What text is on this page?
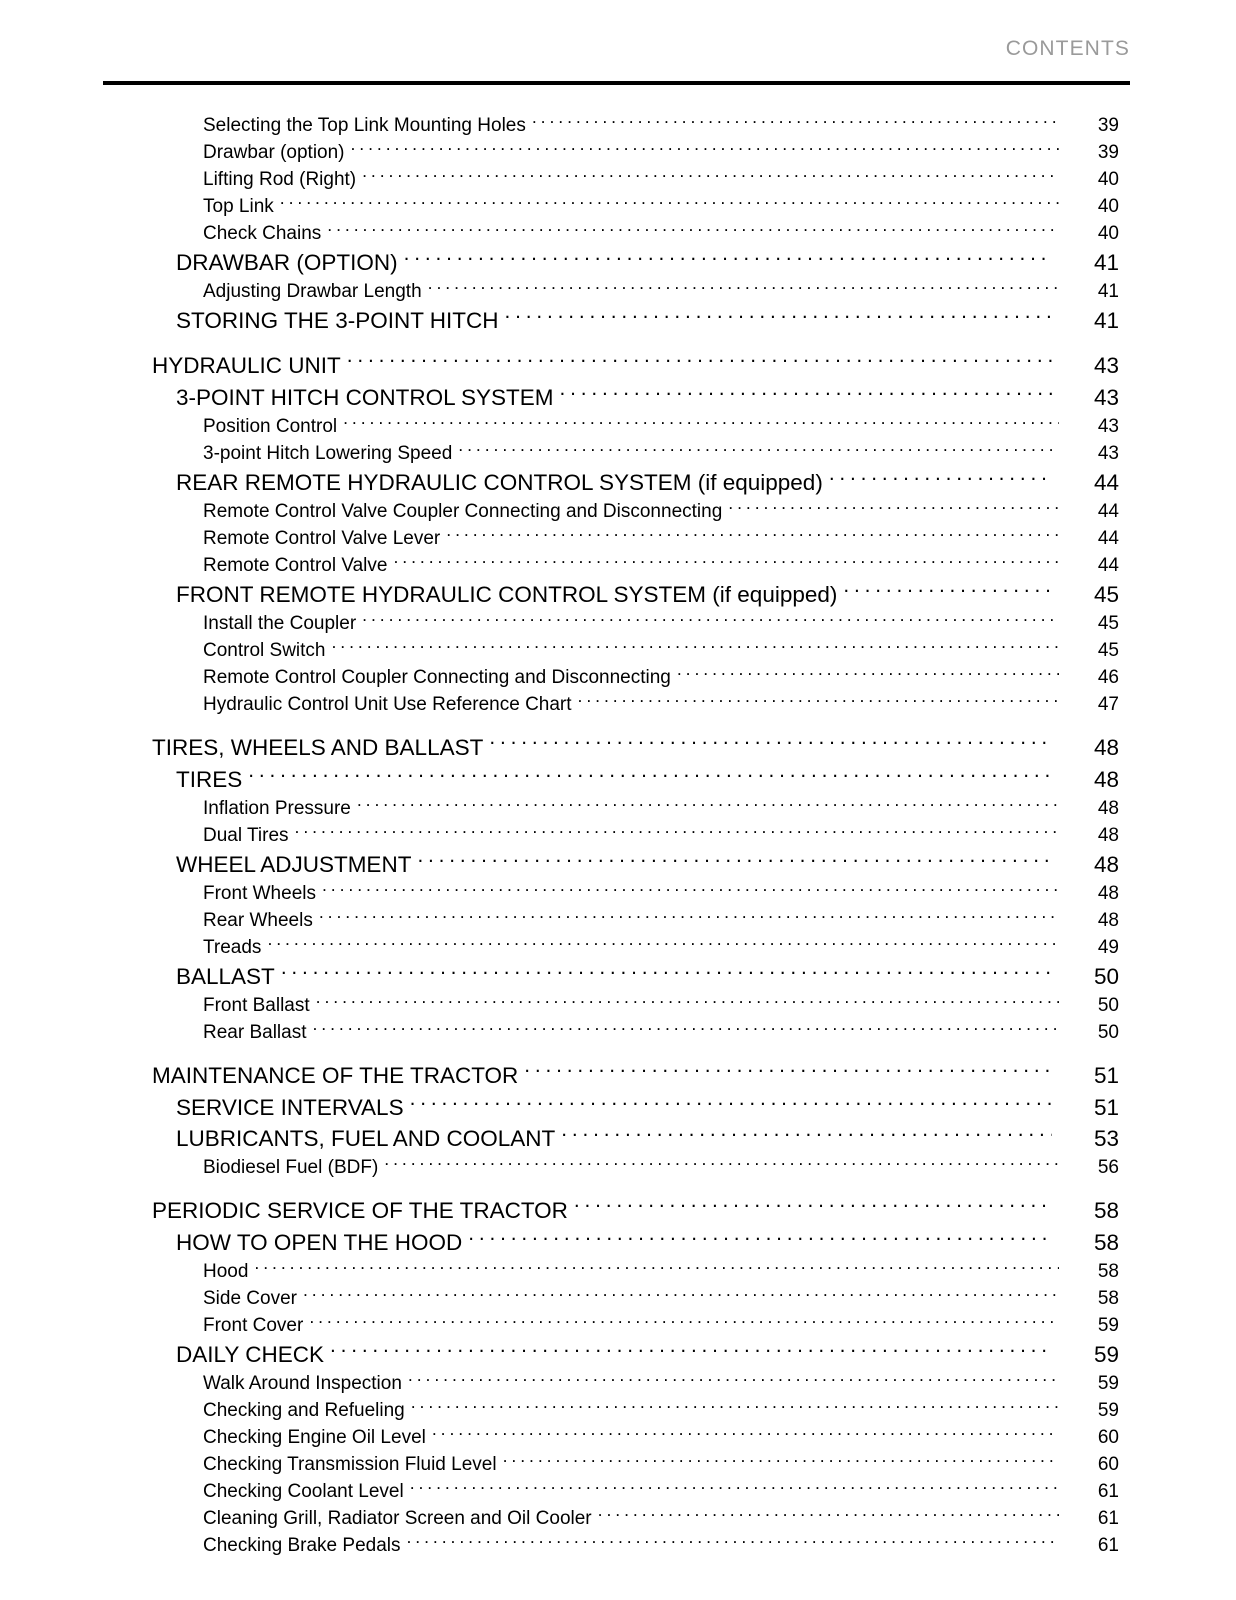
CONTENTS
Selecting the Top Link Mounting Holes . . .	39
Drawbar (option) . . .	39
Lifting Rod (Right) . . .	40
Top Link . . .	40
Check Chains . . .	40
DRAWBAR (OPTION) . . .	41
Adjusting Drawbar Length . . .	41
STORING THE 3-POINT HITCH . . .	41
HYDRAULIC UNIT . . .	43
3-POINT HITCH CONTROL SYSTEM . . .	43
Position Control . . .	43
3-point Hitch Lowering Speed . . .	43
REAR REMOTE HYDRAULIC CONTROL SYSTEM (if equipped) . . .	44
Remote Control Valve Coupler Connecting and Disconnecting . . .	44
Remote Control Valve Lever . . .	44
Remote Control Valve . . .	44
FRONT REMOTE HYDRAULIC CONTROL SYSTEM (if equipped) . . .	45
Install the Coupler . . .	45
Control Switch . . .	45
Remote Control Coupler Connecting and Disconnecting . . .	46
Hydraulic Control Unit Use Reference Chart . . .	47
TIRES, WHEELS AND BALLAST . . .	48
TIRES . . .	48
Inflation Pressure . . .	48
Dual Tires . . .	48
WHEEL ADJUSTMENT . . .	48
Front Wheels . . .	48
Rear Wheels . . .	48
Treads . . .	49
BALLAST . . .	50
Front Ballast . . .	50
Rear Ballast . . .	50
MAINTENANCE OF THE TRACTOR . . .	51
SERVICE INTERVALS . . .	51
LUBRICANTS, FUEL AND COOLANT . . .	53
Biodiesel Fuel (BDF) . . .	56
PERIODIC SERVICE OF THE TRACTOR . . .	58
HOW TO OPEN THE HOOD . . .	58
Hood . . .	58
Side Cover . . .	58
Front Cover . . .	59
DAILY CHECK . . .	59
Walk Around Inspection . . .	59
Checking and Refueling . . .	59
Checking Engine Oil Level . . .	60
Checking Transmission Fluid Level . . .	60
Checking Coolant Level . . .	61
Cleaning Grill, Radiator Screen and Oil Cooler . . .	61
Checking Brake Pedals . . .	61
